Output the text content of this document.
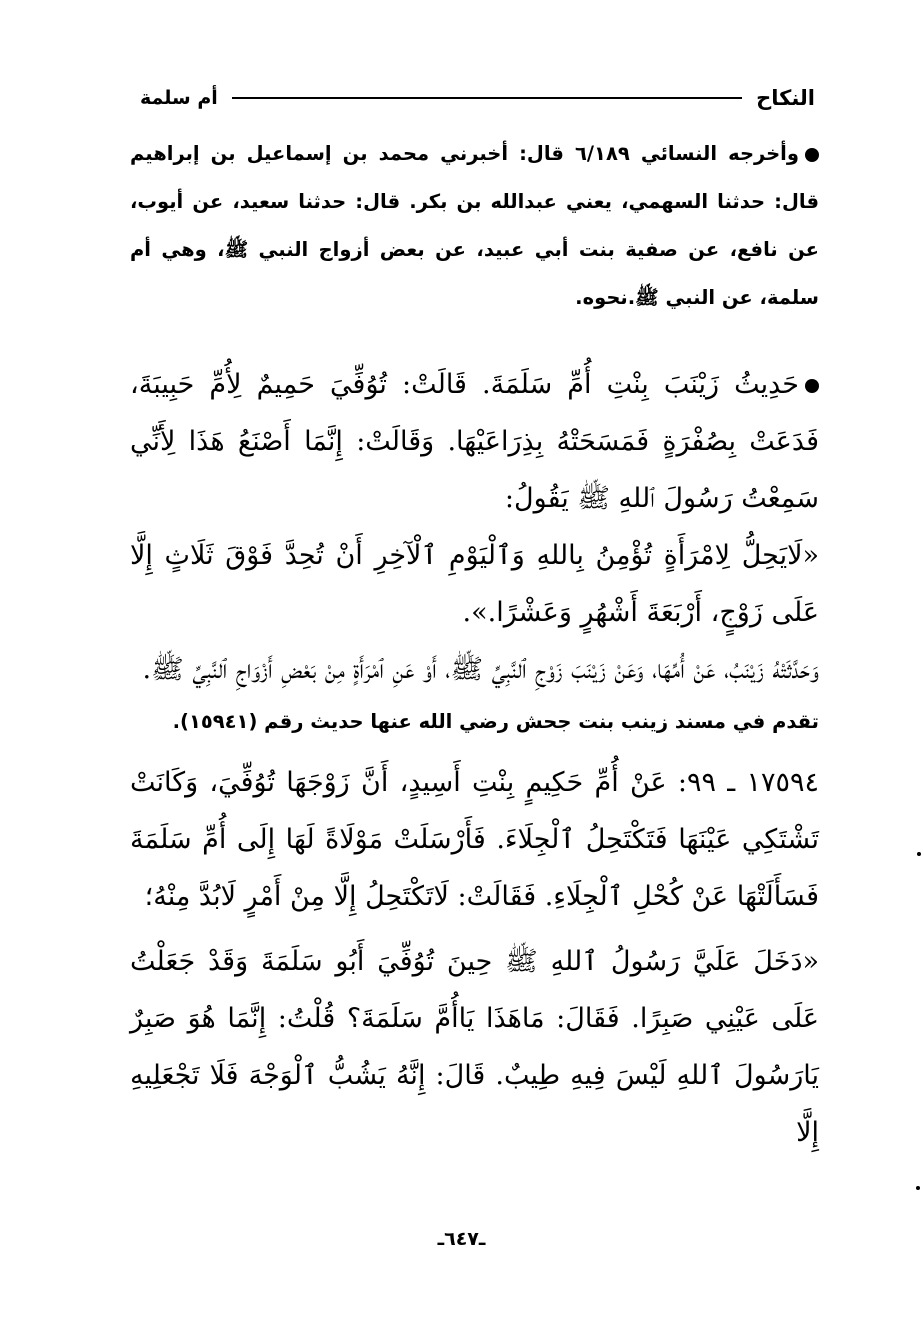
النكاح
أم سلمة

وأخرجه النسائي ٦/١٨٩ قال: أخبرني محمد بن إسماعيل بن إبراهيم قال: حدثنا السهمي، يعني عبدالله بن بكر. قال: حدثنا سعيد، عن أيوب، عن نافع، عن صفية بنت أبي عبيد، عن بعض أزواج النبي ﷺ، وهي أم سلمة، عن النبي ﷺ.نحوه.

حَدِيثُ زَيْنَبَ بِنْتِ أُمِّ سَلَمَةَ. قَالَتْ: تُوُفِّيَ حَمِيمٌ لِأُمِّ حَبِيبَةَ، فَدَعَتْ بِصُفْرَةٍ فَمَسَحَتْهُ بِذِرَاعَيْهَا. وَقَالَتْ: إِنَّمَا أَصْنَعُ هَذَا لِأَنِّي سَمِعْتُ رَسُولَ ٱللهِ ﷺ يَقُولُ:

«لَايَحِلُّ لِامْرَأَةٍ تُؤْمِنُ بِاللهِ وَٱلْيَوْمِ ٱلْآخِرِ أَنْ تُحِدَّ فَوْقَ ثَلَاثٍ إِلَّا عَلَى زَوْجٍ، أَرْبَعَةَ أَشْهُرٍ وَعَشْرًا.».

وَحَدَّثَتْهُ زَيْنَبُ، عَنْ أُمِّهَا، وَعَنْ زَيْنَبَ زَوْجِ ٱلنَّبِيِّ ﷺ، أَوْ عَنِ ٱمْرَأَةٍ مِنْ بَعْضِ أَزْوَاجِ ٱلنَّبِيِّ ﷺ.

تقدم في مسند زينب بنت جحش رضي الله عنها حديث رقم (١٥٩٤١).

١٧٥٩٤ ـ ٩٩: عَنْ أُمِّ حَكِيمٍ بِنْتِ أَسِيدٍ، أَنَّ زَوْجَهَا تُوُفِّيَ، وَكَانَتْ تَشْتَكِي عَيْنَهَا فَتَكْتَحِلُ ٱلْجِلَاءَ. فَأَرْسَلَتْ مَوْلَاةً لَهَا إِلَى أُمِّ سَلَمَةَ فَسَأَلَتْهَا عَنْ كُحْلِ ٱلْجِلَاءِ. فَقَالَتْ: لَاتَكْتَحِلُ إِلَّا مِنْ أَمْرٍ لَابُدَّ مِنْهُ؛

«دَخَلَ عَلَيَّ رَسُولُ ٱللهِ ﷺ حِينَ تُوُفِّيَ أَبُو سَلَمَةَ وَقَدْ جَعَلْتُ عَلَى عَيْنِي صَبِرًا. فَقَالَ: مَاهَذَا يَاأُمَّ سَلَمَةَ؟ قُلْتُ: إِنَّمَا هُوَ صَبِرٌ يَارَسُولَ ٱللهِ لَيْسَ فِيهِ طِيبٌ. قَالَ: إِنَّهُ يَشُبُّ ٱلْوَجْهَ فَلَا تَجْعَلِيهِ إِلَّا

ـ٦٤٧ـ
